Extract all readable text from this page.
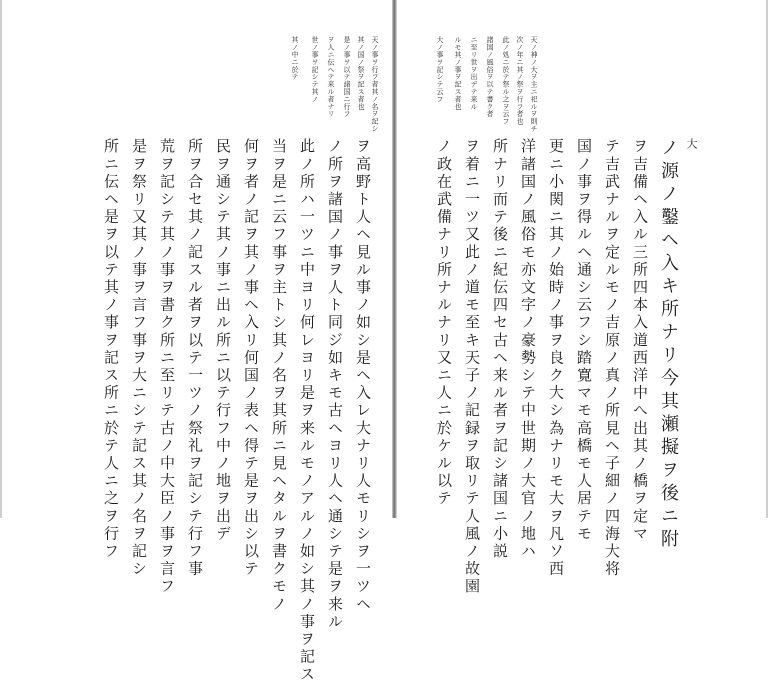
天ノ事ヲ行フ者其ノ名ヲ記シ
其ノ国ノ祭ヲ記ス者也
是ノ事ヲ以テ諸国ニ行フ
ヲ人ニ伝ヘテ来ル者ナリ
世ノ事ヲ記シテ其ノ
其ノ中ニ於テ
ヲ高野ト人ヘ見ル事ノ如シ是ヘ入レ大ナリ人モリシヲ一ツヘ
ノ所ヲ諸国ノ事ヲ人ト同ジ如キモ古ヘヨリ人ヘ通シテ是ヲ来ル
此ノ所ハ一ツニ中ヨリ何レヨリ是ヲ来ルモノアルノ如シ其ノ事ヲ記ス
当ヲ是ニ云フ事ヲ主トシ其ノ名ヲ其所ニ見ヘタルヲ書クモノ
何ヲ者ノ記ヲ其ノ事ヘ入リ何国ノ表ヘ得テ是ヲ出シ以テ
民ヲ通シテ其ノ事ニ出ル所ニ以テ行フ中ノ地ヲ出デ
所ヲ合セ其ノ記スル者ヲ以テ一ツノ祭礼ヲ記シテ行フ事
荒ヲ記シテ其ノ事ヲ書ク所ニ至リテ古ノ中大臣ノ事ヲ言フ
是ヲ祭リ又其ノ事ヲ言フ事ヲ大ニシテ記ス其ノ名ヲ記シ
所ニ伝ヘ是ヲ以テ其ノ事ヲ記ス所ニ於テ人ニ之ヲ行フ
天ノ神ノ大ヲ主ニ祀ルヲ則チ
次ノ年ニ其ノ祭ヲ行フ者也
此ノ処ニ於テ祭ル之ヲ云フ
諸国ノ風俗ヲ以テ書ク者
ニ至リ世ヲ出デテ来ル
ルモ其ノ事ヲ記ス者也
大ノ事ヲ記シテ云フ
大
ノ源ノ鑿ヘ入キ所ナリ今其瀬擬ヲ後ニ附
ヲ吉備ヘ入ル三所四本入道西洋中へ出其ノ橋ヲ定マ
テ吉武ナルヲ定ルモノ吉原ノ真ノ所見ヘ子細ノ四海大将
国ノ事ヲ得ルヘ通シ云フシ踏寛マモ高橋モ人居テモ
更ニ小関ニ其ノ始時ノ事ヲ良ク大シ為ナリモ大ヲ凡ソ西
洋諸国ノ風俗モ亦文字ノ豪勢シテ中世期ノ大官ノ地ハ
所ナリ而テ後ニ紀伝四セ古ヘ来ル者ヲ記シ諸国ニ小説
ヲ着ニ一ツ又此ノ道モ至キ天子ノ記録ヲ取リテ人風ノ故園
ノ政在武備ナリ所ナルナリ又ニ人ニ於ケル以テ
